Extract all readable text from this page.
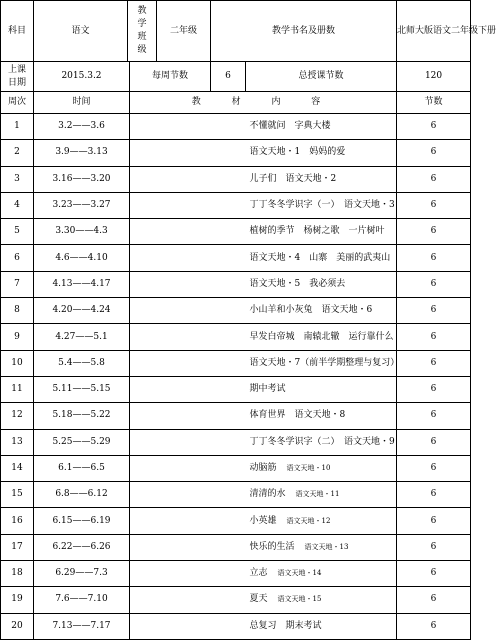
科目	语文	教
学
班
级		二年级	教学书名及册数		北师大版语文二年级下册

上课
日期	2015.3.2		每周节数		6	总授课节数	120
周次	时间		教 材 内 容				节数
1	3.2——3.6					不懂就问　字典大楼	6
2	3.9——3.13					语文天地・1　妈妈的爱	6
3	3.16——3.20					儿子们　语文天地・2	6
4	3.23——3.27					丁丁冬冬学识字（一）　语文天地・3	6
5	3.30——4.3					植树的季节　杨树之歌　一片树叶	6
6	4.6——4.10					语文天地・4　山寨　美丽的武夷山	6
7	4.13——4.17					语文天地・5　我必须去	6
8	4.20——4.24					小山羊和小灰兔　语文天地・6	6
9	4.27——5.1					早发白帝城　南辕北辙　运行靠什么	6
10	5.4——5.8					语文天地・7（前半学期整理与复习）	6
11	5.11——5.15					期中考试	6
12	5.18——5.22					体育世界　语文天地・8	6
13	5.25——5.29					丁丁冬冬学识字（二）　语文天地・9	6
14	6.1——6.5					动脑筋 语文天地・10	6
15	6.8——6.12					清清的水 语文天地・11	6
16	6.15——6.19					小英雄 语文天地・12	6
17	6.22——6.26					快乐的生活 语文天地・13	6
18	6.29——7.3					立志 语文天地・14	6
19	7.6——7.10					夏天 语文天地・15	6
20	7.13——7.17					总复习　期末考试	6
